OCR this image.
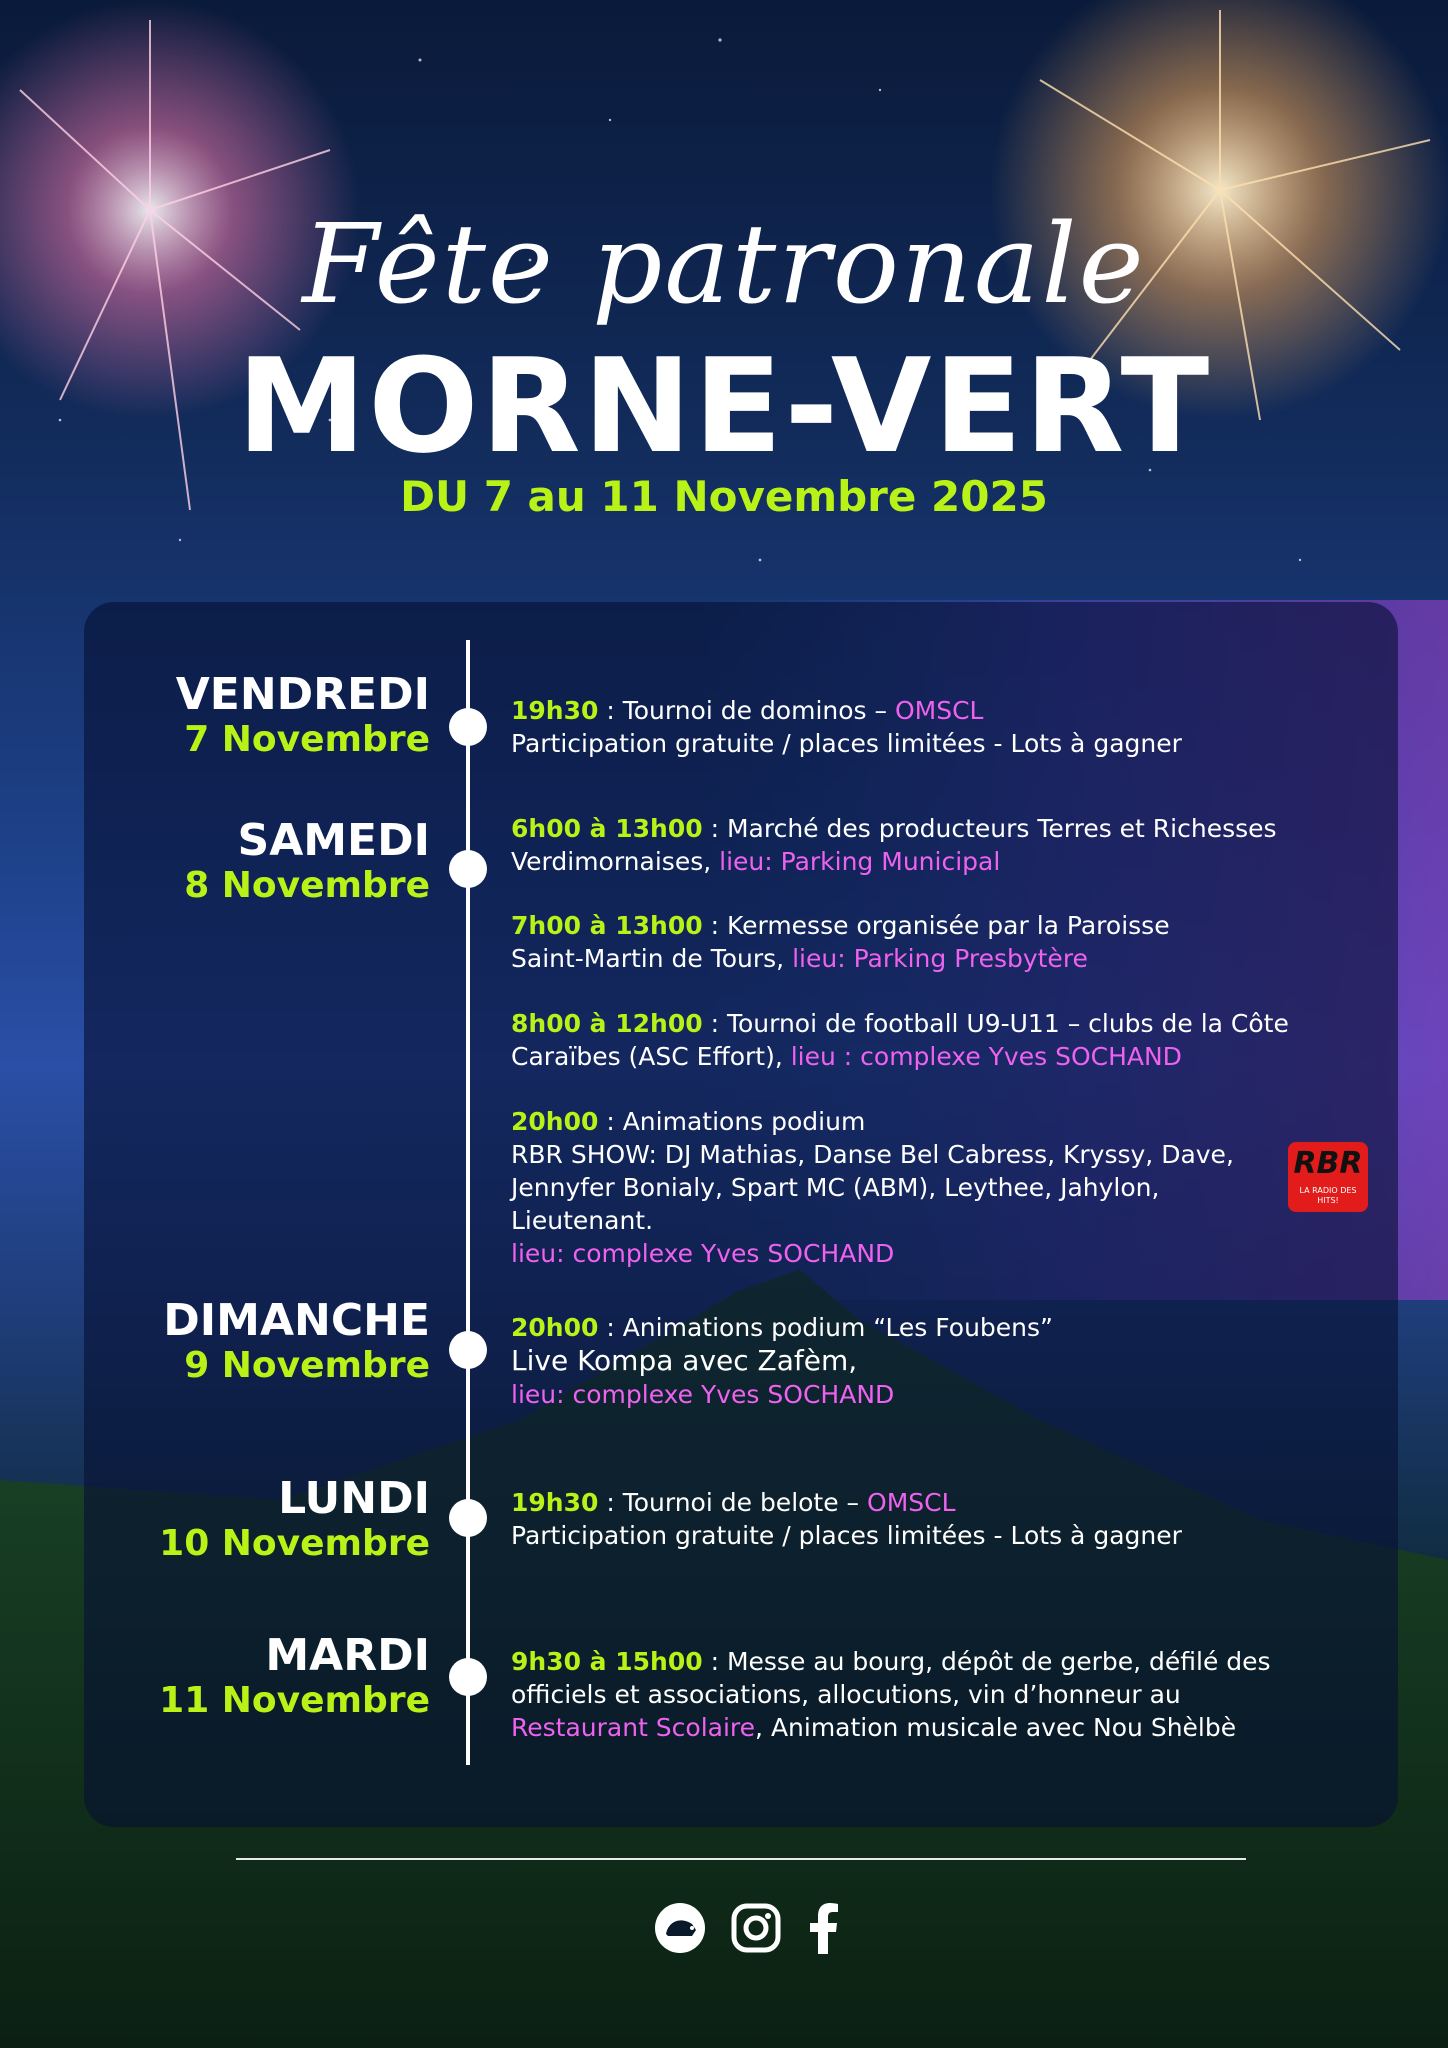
Fête patronale
MORNE-VERT
DU 7 au 11 Novembre 2025
VENDREDI
7 Novembre
19h30 : Tournoi de dominos – OMSCL
Participation gratuite / places limitées - Lots à gagner
SAMEDI
8 Novembre
6h00 à 13h00 : Marché des producteurs Terres et Richesses
Verdimornaises, lieu: Parking Municipal
7h00 à 13h00 : Kermesse organisée par la Paroisse
Saint-Martin de Tours, lieu: Parking Presbytère
8h00 à 12h00 : Tournoi de football U9-U11 – clubs de la Côte
Caraïbes (ASC Effort), lieu : complexe Yves SOCHAND
20h00 : Animations podium
RBR SHOW: DJ Mathias, Danse Bel Cabress, Kryssy, Dave,
Jennyfer Bonialy, Spart MC (ABM), Leythee, Jahylon,
Lieutenant.
lieu: complexe Yves SOCHAND
RBR
LA RADIO DES HITS!
DIMANCHE
9 Novembre
20h00 : Animations podium “Les Foubens”
Live Kompa avec Zafèm,
lieu: complexe Yves SOCHAND
LUNDI
10 Novembre
19h30 : Tournoi de belote – OMSCL
Participation gratuite / places limitées - Lots à gagner
MARDI
11 Novembre
9h30 à 15h00 : Messe au bourg, dépôt de gerbe, défilé des
officiels et associations, allocutions, vin d’honneur au
Restaurant Scolaire, Animation musicale avec Nou Shèlbè
